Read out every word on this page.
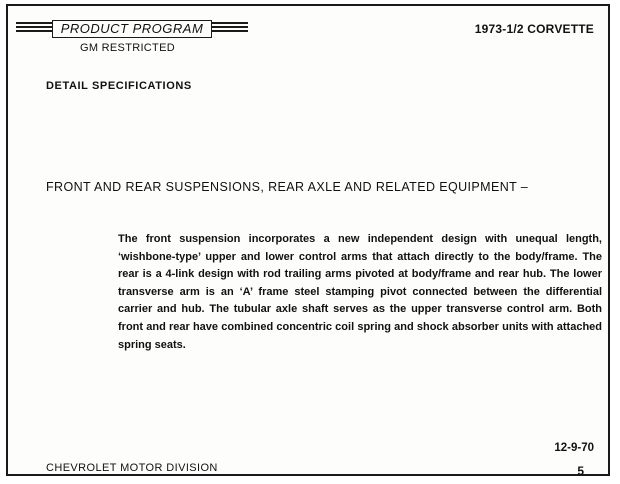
PRODUCT PROGRAM
GM RESTRICTED
1973-1/2 CORVETTE
DETAIL SPECIFICATIONS
FRONT AND REAR SUSPENSIONS, REAR AXLE AND RELATED EQUIPMENT –

The front suspension incorporates a new independent design with unequal length, ‘wishbone-type’ upper and lower control arms that attach directly to the body/frame. The rear is a 4-link design with rod trailing arms pivoted at body/frame and rear hub. The lower transverse arm is an ‘A’ frame steel stamping pivot connected between the differential carrier and hub. The tubular axle shaft serves as the upper transverse control arm. Both front and rear have combined concentric coil spring and shock absorber units with attached spring seats.

12-9-70
CHEVROLET MOTOR DIVISION	5
